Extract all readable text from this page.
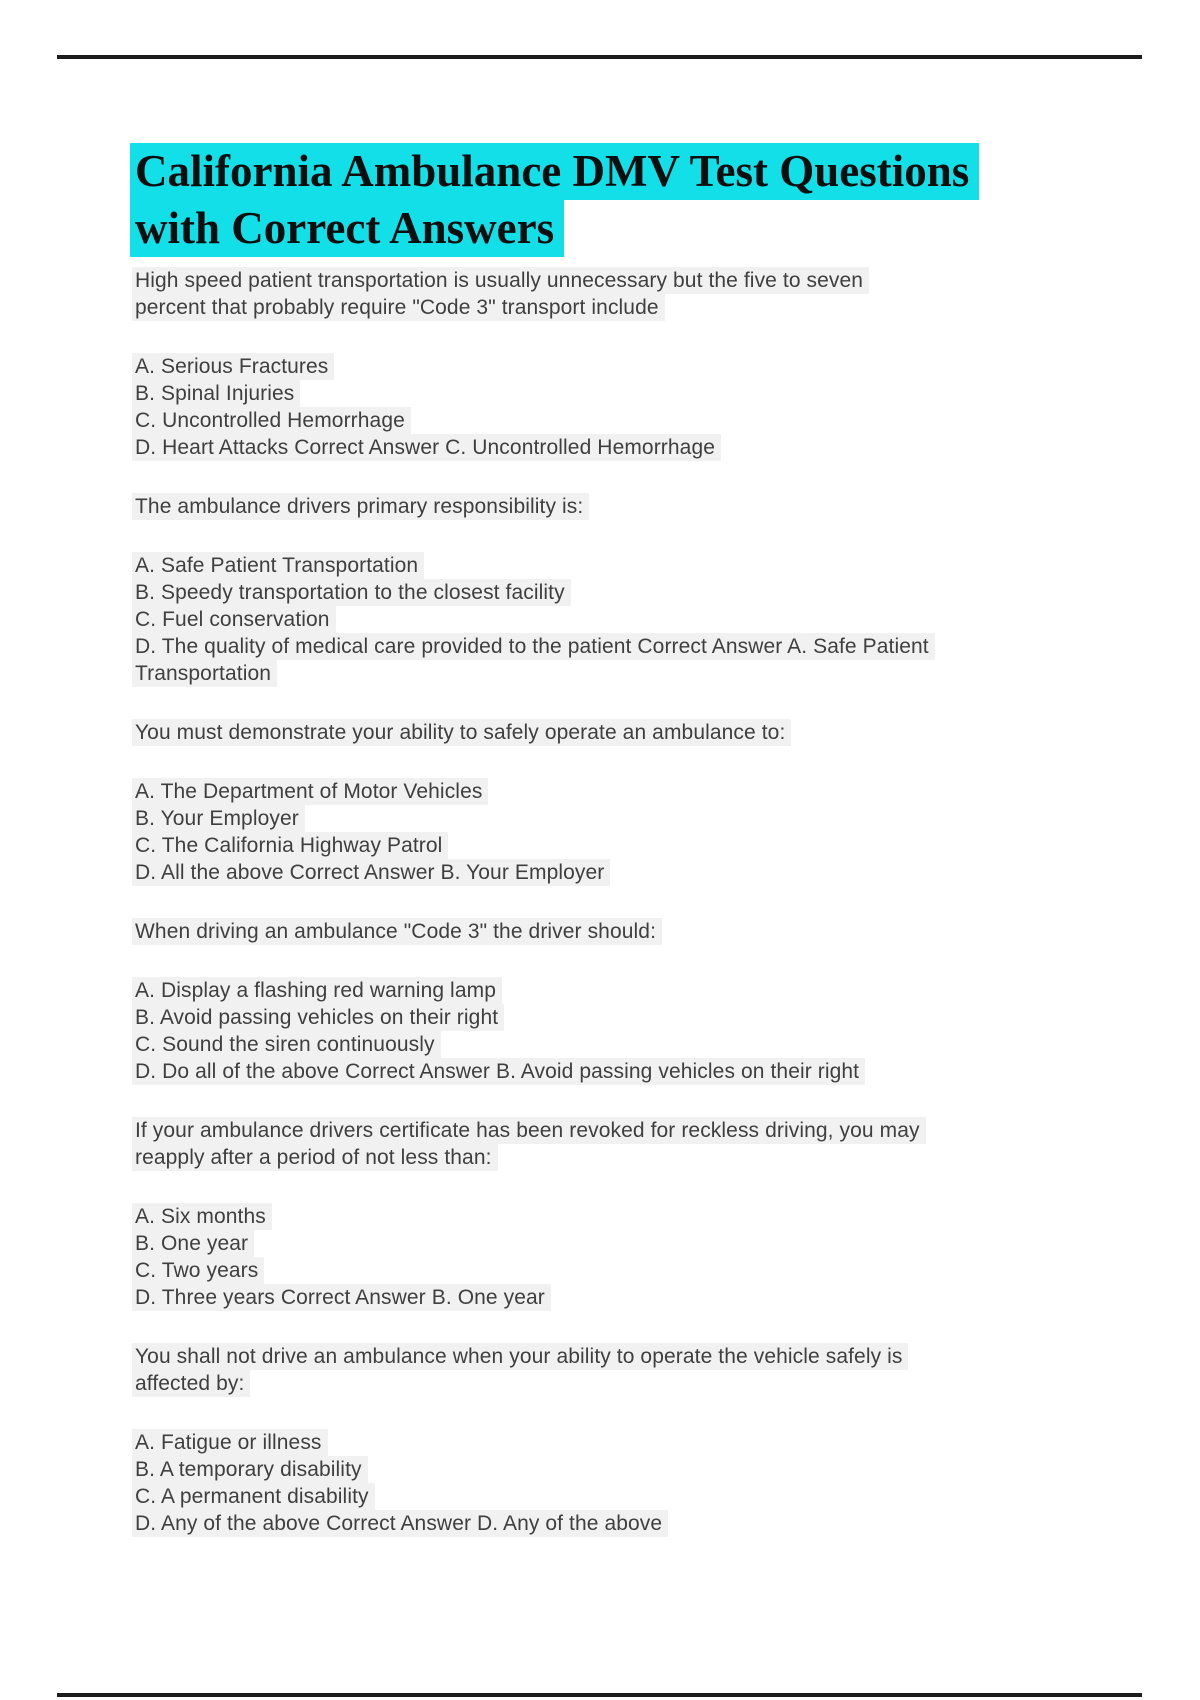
California Ambulance DMV Test Questions
with Correct Answers
High speed patient transportation is usually unnecessary but the five to seven
percent that probably require "Code 3" transport include
A. Serious Fractures
B. Spinal Injuries
C. Uncontrolled Hemorrhage
D. Heart Attacks Correct Answer C. Uncontrolled Hemorrhage
The ambulance drivers primary responsibility is:
A. Safe Patient Transportation
B. Speedy transportation to the closest facility
C. Fuel conservation
D. The quality of medical care provided to the patient Correct Answer A. Safe Patient
Transportation
You must demonstrate your ability to safely operate an ambulance to:
A. The Department of Motor Vehicles
B. Your Employer
C. The California Highway Patrol
D. All the above Correct Answer B. Your Employer
When driving an ambulance "Code 3" the driver should:
A. Display a flashing red warning lamp
B. Avoid passing vehicles on their right
C. Sound the siren continuously
D. Do all of the above Correct Answer B. Avoid passing vehicles on their right
If your ambulance drivers certificate has been revoked for reckless driving, you may
reapply after a period of not less than:
A. Six months
B. One year
C. Two years
D. Three years Correct Answer B. One year
You shall not drive an ambulance when your ability to operate the vehicle safely is
affected by:
A. Fatigue or illness
B. A temporary disability
C. A permanent disability
D. Any of the above Correct Answer D. Any of the above
